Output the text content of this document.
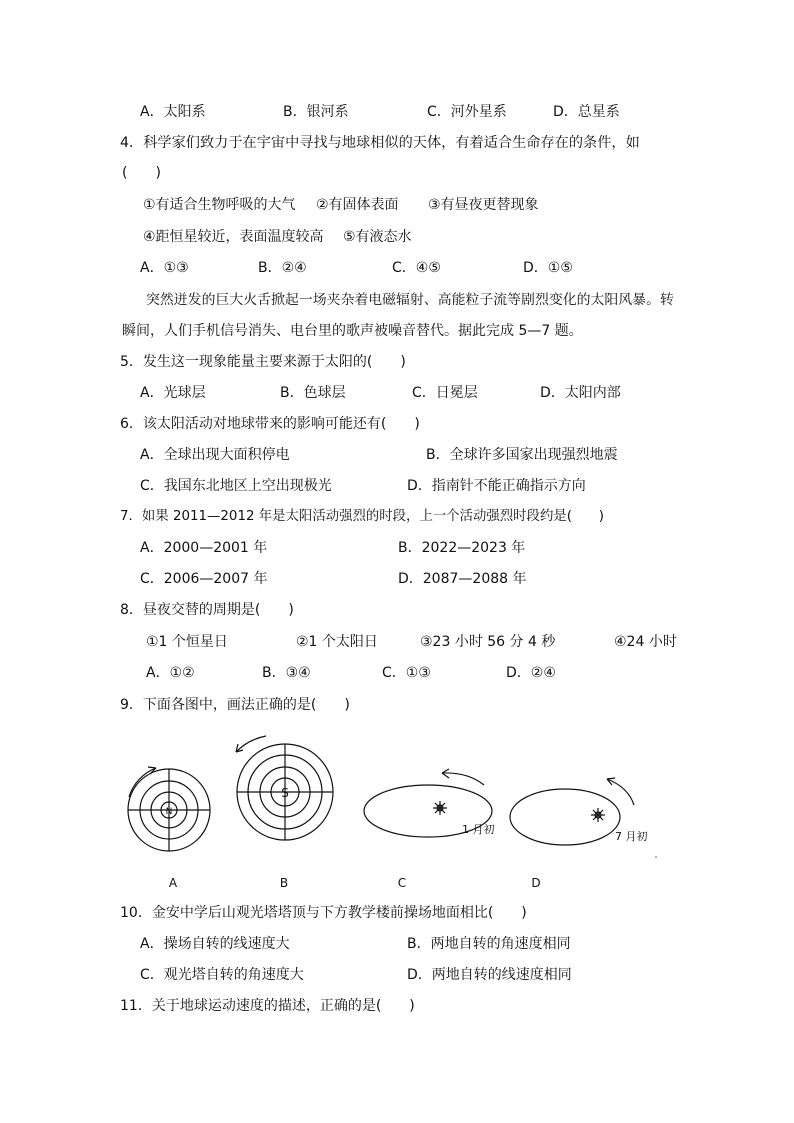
A．太阳系	B．银河系	C．河外星系	D．总星系
4．科学家们致力于在宇宙中寻找与地球相似的天体，有着适合生命存在的条件，如
(　　)
①有适合生物呼吸的大气 ②有固体表面 ③有昼夜更替现象
④距恒星较近，表面温度较高 ⑤有液态水
A．①③	B．②④	C．④⑤	D．①⑤
突然迸发的巨大火舌掀起一场夹杂着电磁辐射、高能粒子流等剧烈变化的太阳风暴。转
瞬间，人们手机信号消失、电台里的歌声被噪音替代。据此完成 5—7 题。
5．发生这一现象能量主要来源于太阳的(　　)
A．光球层	B．色球层	C．日冕层	D．太阳内部
6．该太阳活动对地球带来的影响可能还有(　　)
A．全球出现大面积停电	B．全球许多国家出现强烈地震
C．我国东北地区上空出现极光	D．指南针不能正确指示方向
7．如果 2011—2012 年是太阳活动强烈的时段，上一个活动强烈时段约是(　　)
A．2000—2001 年	B．2022—2023 年
C．2006—2007 年	D．2087—2088 年
8．昼夜交替的周期是(　　)
①1 个恒星日	②1 个太阳日	③23 小时 56 分 4 秒	④24 小时
A．①②	B．③④	C．①③	D．②④
9．下面各图中，画法正确的是(　　)
N
S
1 月初
7 月初
A	B	C	D
10．金安中学后山观光塔塔顶与下方教学楼前操场地面相比(　　)
A．操场自转的线速度大	B．两地自转的角速度相同
C．观光塔自转的角速度大	D．两地自转的线速度相同
11．关于地球运动速度的描述，正确的是(　　)
